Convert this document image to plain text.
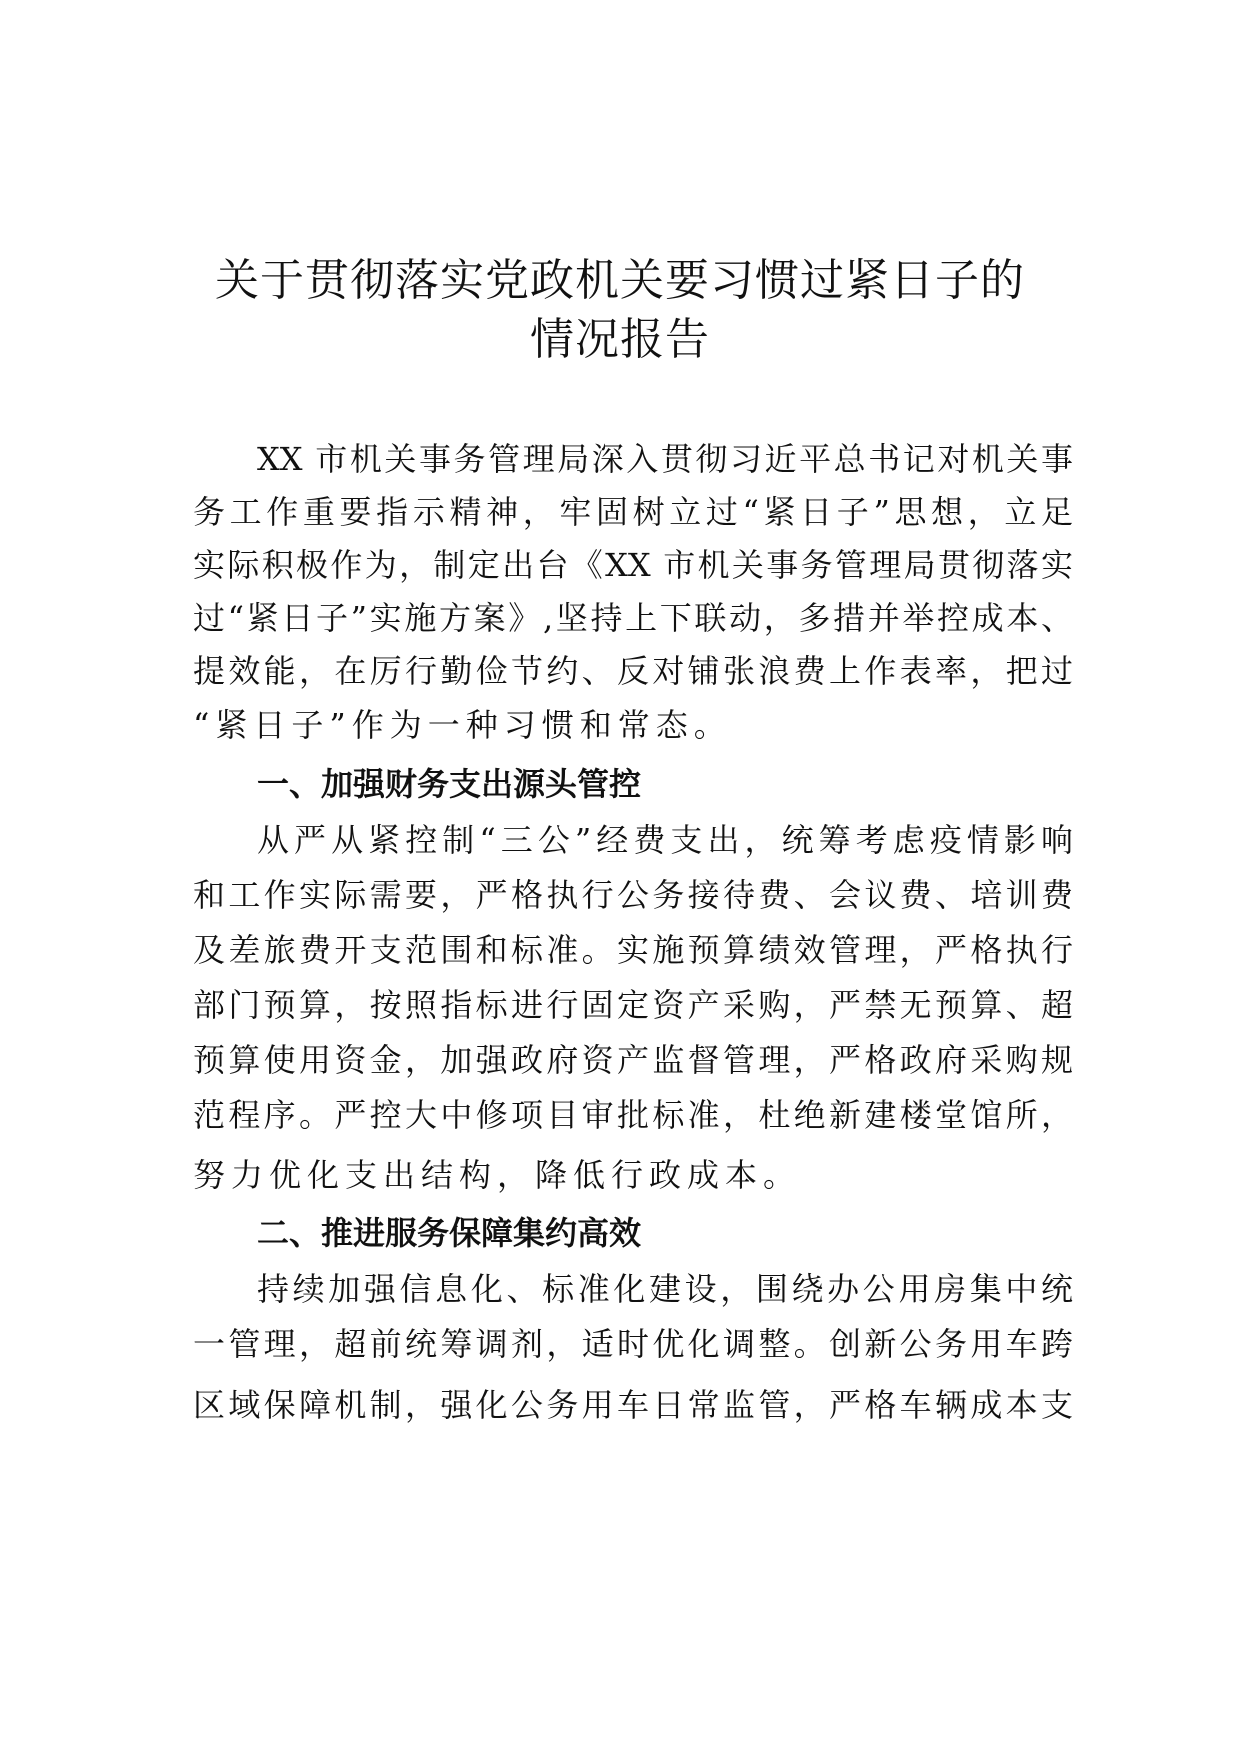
关于贯彻落实党政机关要习惯过紧日子的
情况报告
XX 市机关事务管理局深入贯彻习近平总书记对机关事
务工作重要指示精神，牢固树立过“紧日子”思想，立足
实际积极作为，制定出台《XX 市机关事务管理局贯彻落实
过“紧日子”实施方案》,坚持上下联动，多措并举控成本、
提效能，在厉行勤俭节约、反对铺张浪费上作表率，把过
“紧日子”作为一种习惯和常态。
一、加强财务支出源头管控
从严从紧控制“三公”经费支出，统筹考虑疫情影响
和工作实际需要，严格执行公务接待费、会议费、培训费
及差旅费开支范围和标准。实施预算绩效管理，严格执行
部门预算，按照指标进行固定资产采购，严禁无预算、超
预算使用资金，加强政府资产监督管理，严格政府采购规
范程序。严控大中修项目审批标准，杜绝新建楼堂馆所，
努力优化支出结构，降低行政成本。
二、推进服务保障集约高效
持续加强信息化、标准化建设，围绕办公用房集中统
一管理，超前统筹调剂，适时优化调整。创新公务用车跨
区域保障机制，强化公务用车日常监管，严格车辆成本支
